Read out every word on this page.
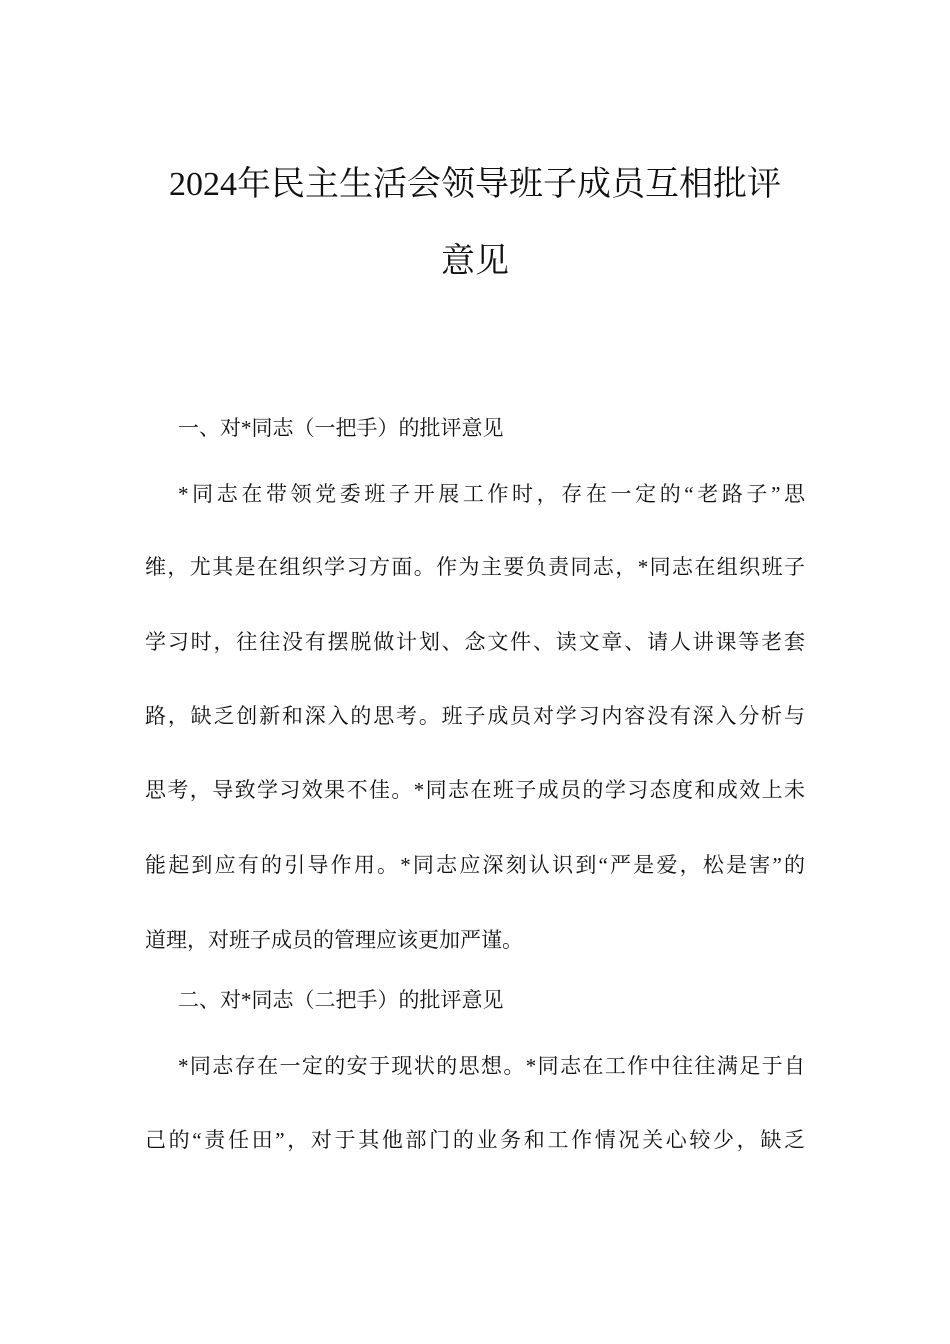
2024年民主生活会领导班子成员互相批评
意见
一、对*同志（一把手）的批评意见
*同志在带领党委班子开展工作时，存在一定的“老路子”思
维，尤其是在组织学习方面。作为主要负责同志，*同志在组织班子
学习时，往往没有摆脱做计划、念文件、读文章、请人讲课等老套
路，缺乏创新和深入的思考。班子成员对学习内容没有深入分析与
思考，导致学习效果不佳。*同志在班子成员的学习态度和成效上未
能起到应有的引导作用。*同志应深刻认识到“严是爱，松是害”的
道理，对班子成员的管理应该更加严谨。
二、对*同志（二把手）的批评意见
*同志存在一定的安于现状的思想。*同志在工作中往往满足于自
己的“责任田”，对于其他部门的业务和工作情况关心较少，缺乏
